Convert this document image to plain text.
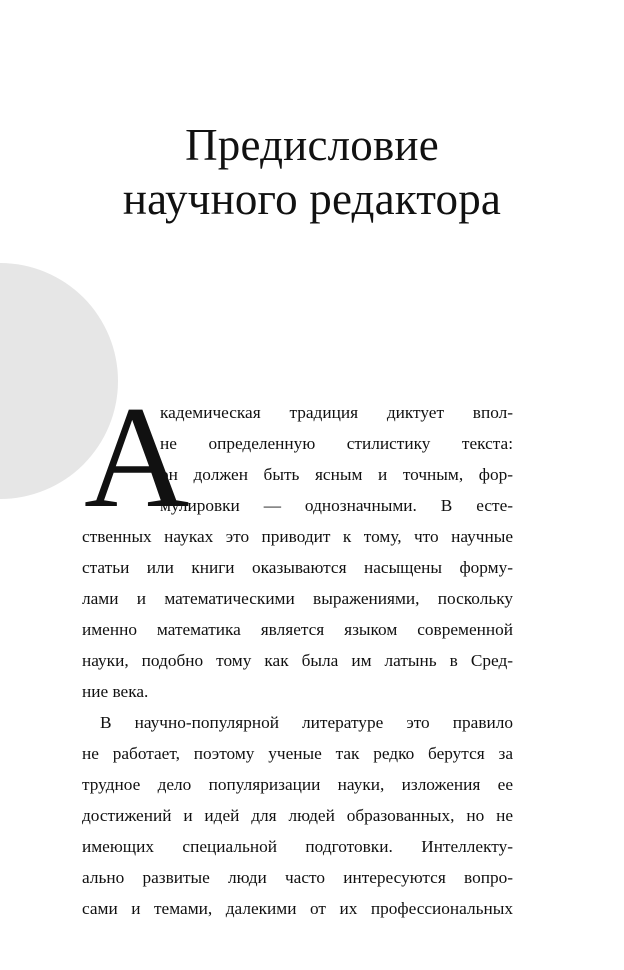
Предисловие
научного редактора
А
кадемическая традиция диктует впол-
не определенную стилистику текста:
он должен быть ясным и точным, фор-
мулировки — однозначными. В есте-
ственных науках это приводит к тому, что научные
статьи или книги оказываются насыщены форму-
лами и математическими выражениями, поскольку
именно математика является языком современной
науки, подобно тому как была им латынь в Сред-
ние века.
В научно-популярной литературе это правило
не работает, поэтому ученые так редко берутся за
трудное дело популяризации науки, изложения ее
достижений и идей для людей образованных, но не
имеющих специальной подготовки. Интеллекту-
ально развитые люди часто интересуются вопро-
сами и темами, далекими от их профессиональных
